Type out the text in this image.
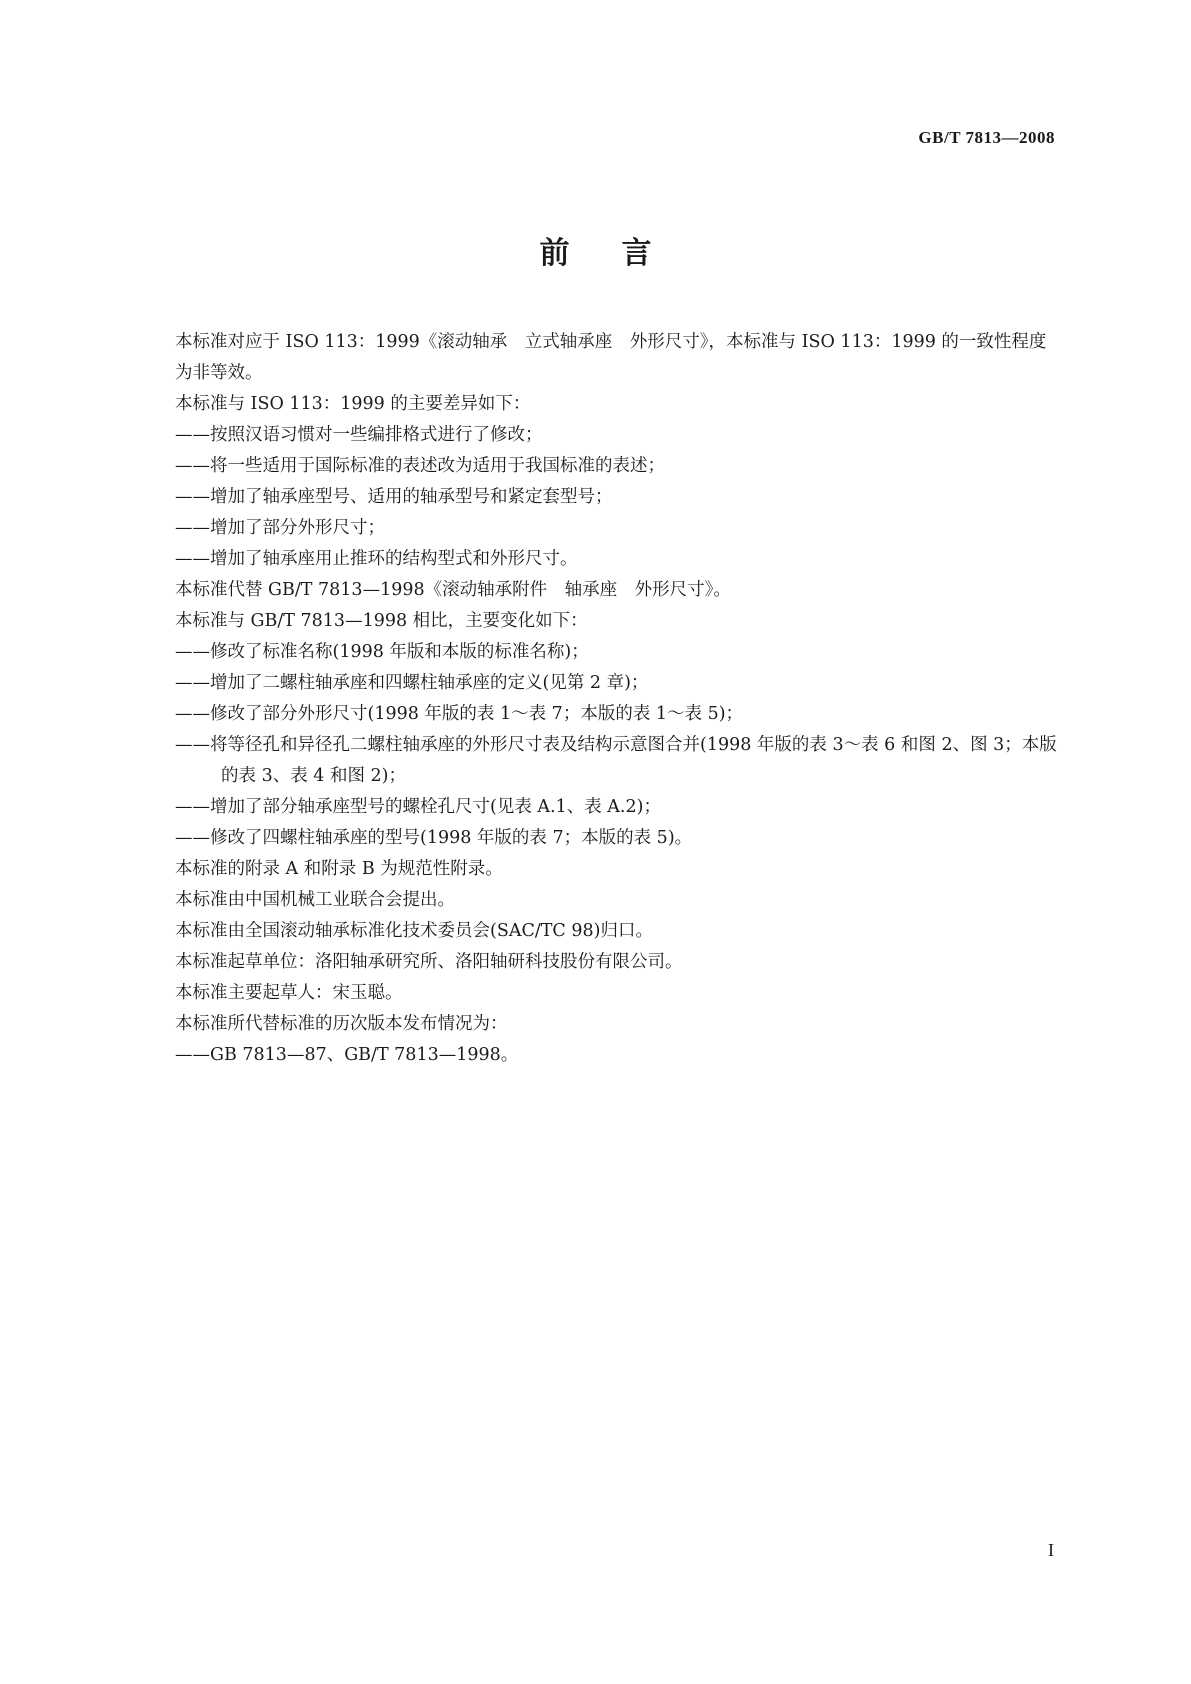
GB/T 7813—2008
前言

本标准对应于 ISO 113：1999《滚动轴承　立式轴承座　外形尺寸》，本标准与 ISO 113：1999 的一致性程度为非等效。

本标准与 ISO 113：1999 的主要差异如下：

——按照汉语习惯对一些编排格式进行了修改；

——将一些适用于国际标准的表述改为适用于我国标准的表述；

——增加了轴承座型号、适用的轴承型号和紧定套型号；

——增加了部分外形尺寸；

——增加了轴承座用止推环的结构型式和外形尺寸。

本标准代替 GB/T 7813—1998《滚动轴承附件　轴承座　外形尺寸》。

本标准与 GB/T 7813—1998 相比，主要变化如下：

——修改了标准名称(1998 年版和本版的标准名称)；

——增加了二螺柱轴承座和四螺柱轴承座的定义(见第 2 章)；

——修改了部分外形尺寸(1998 年版的表 1～表 7；本版的表 1～表 5)；

——将等径孔和异径孔二螺柱轴承座的外形尺寸表及结构示意图合并(1998 年版的表 3～表 6 和图 2、图 3；本版的表 3、表 4 和图 2)；

——增加了部分轴承座型号的螺栓孔尺寸(见表 A.1、表 A.2)；

——修改了四螺柱轴承座的型号(1998 年版的表 7；本版的表 5)。

本标准的附录 A 和附录 B 为规范性附录。

本标准由中国机械工业联合会提出。

本标准由全国滚动轴承标准化技术委员会(SAC/TC 98)归口。

本标准起草单位：洛阳轴承研究所、洛阳轴研科技股份有限公司。

本标准主要起草人：宋玉聪。

本标准所代替标准的历次版本发布情况为：

——GB 7813—87、GB/T 7813—1998。

I
